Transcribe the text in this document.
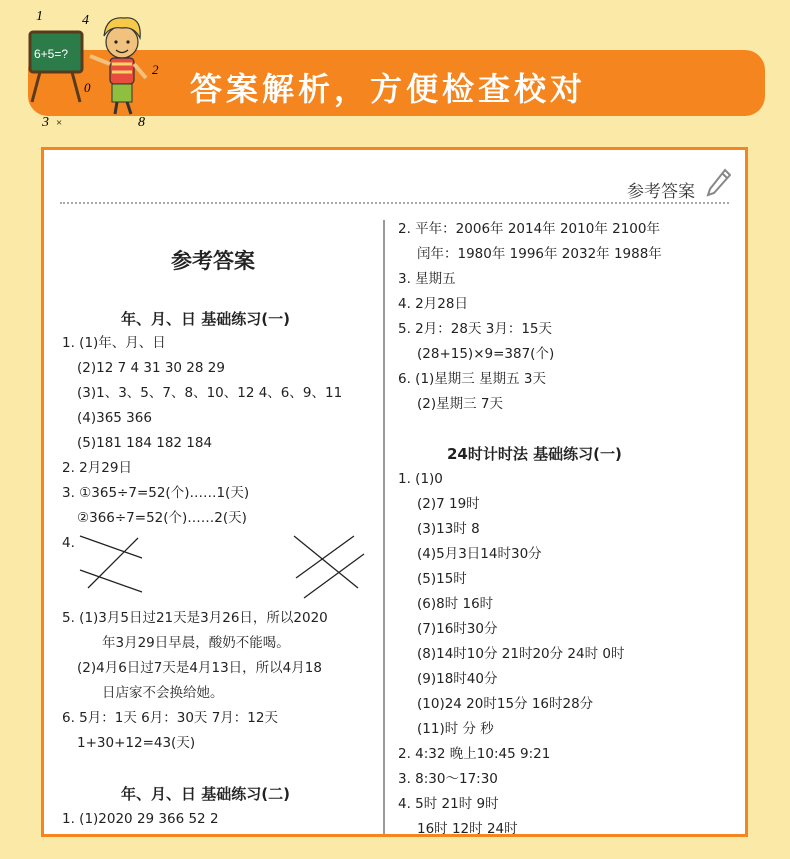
1	4
6+5=?
2
0
3 ×	8
答案解析，方便检查校对
参考答案
参考答案
年、月、日 基础练习(一)
1. (1)年、月、日
(2)12 7 4 31 30 28 29
(3)1、3、5、7、8、10、12 4、6、9、11
(4)365 366
(5)181 184 182 184
2. 2月29日
3. ①365÷7=52(个)……1(天)
②366÷7=52(个)……2(天)
4.
5. (1)3月5日过21天是3月26日，所以2020
年3月29日早晨，酸奶不能喝。
(2)4月6日过7天是4月13日，所以4月18
日店家不会换给她。
6. 5月：1天 6月：30天 7月：12天
1+30+12=43(天)
年、月、日 基础练习(二)
1. (1)2020 29 366 52 2
2. 平年：2006年 2014年 2010年 2100年
闰年：1980年 1996年 2032年 1988年
3. 星期五
4. 2月28日
5. 2月：28天 3月：15天
(28+15)×9=387(个)
6. (1)星期三 星期五 3天
(2)星期三 7天
24时计时法 基础练习(一)
1. (1)0
(2)7 19时
(3)13时 8
(4)5月3日14时30分
(5)15时
(6)8时 16时
(7)16时30分
(8)14时10分 21时20分 24时 0时
(9)18时40分
(10)24 20时15分 16时28分
(11)时 分 秒
2. 4:32 晚上10:45 9:21
3. 8:30～17:30
4. 5时 21时 9时
16时 12时 24时
